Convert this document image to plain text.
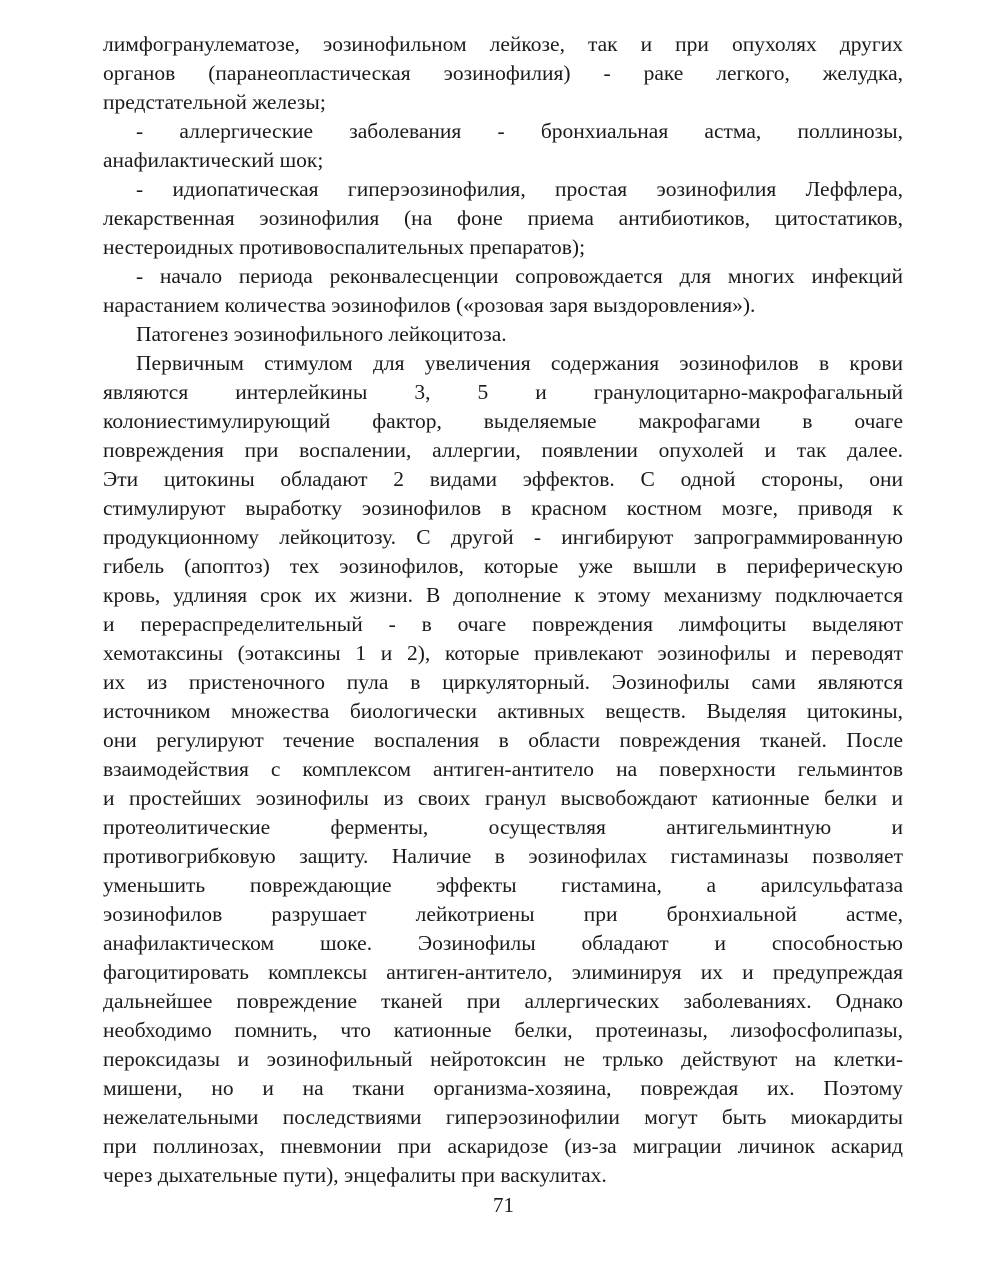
лимфогранулематозе, эозинофильном лейкозе, так и при опухолях других
органов (паранеопластическая эозинофилия) - раке легкого, желудка,
предстательной железы;
- аллергические заболевания - бронхиальная астма, поллинозы,
анафилактический шок;
- идиопатическая гиперэозинофилия, простая эозинофилия Леффлера,
лекарственная эозинофилия (на фоне приема антибиотиков, цитостатиков,
нестероидных противовоспалительных препаратов);
- начало периода реконвалесценции сопровождается для многих инфекций
нарастанием количества эозинофилов («розовая заря выздоровления»).
Патогенез эозинофильного лейкоцитоза.
Первичным стимулом для увеличения содержания эозинофилов в крови
являются интерлейкины 3, 5 и гранулоцитарно-макрофагальный
колониестимулирующий фактор, выделяемые макрофагами в очаге
повреждения при воспалении, аллергии, появлении опухолей и так далее.
Эти цитокины обладают 2 видами эффектов. С одной стороны, они
стимулируют выработку эозинофилов в красном костном мозге, приводя к
продукционному лейкоцитозу. С другой - ингибируют запрограммированную
гибель (апоптоз) тех эозинофилов, которые уже вышли в периферическую
кровь, удлиняя срок их жизни. В дополнение к этому механизму подключается
и перераспределительный - в очаге повреждения лимфоциты выделяют
хемотаксины (эотаксины 1 и 2), которые привлекают эозинофилы и переводят
их из пристеночного пула в циркуляторный. Эозинофилы сами являются
источником множества биологически активных веществ. Выделяя цитокины,
они регулируют течение воспаления в области повреждения тканей. После
взаимодействия с комплексом антиген-антитело на поверхности гельминтов
и простейших эозинофилы из своих гранул высвобождают катионные белки и
протеолитические ферменты, осуществляя антигельминтную и
противогрибковую защиту. Наличие в эозинофилах гистаминазы позволяет
уменьшить повреждающие эффекты гистамина, а арилсульфатаза
эозинофилов разрушает лейкотриены при бронхиальной астме,
анафилактическом шоке. Эозинофилы обладают и способностью
фагоцитировать комплексы антиген-антитело, элиминируя их и предупреждая
дальнейшее повреждение тканей при аллергических заболеваниях. Однако
необходимо помнить, что катионные белки, протеиназы, лизофосфолипазы,
пероксидазы и эозинофильный нейротоксин не трлько действуют на клетки-
мишени, но и на ткани организма-хозяина, повреждая их. Поэтому
нежелательными последствиями гиперэозинофилии могут быть миокардиты
при поллинозах, пневмонии при аскаридозе (из-за миграции личинок аскарид
через дыхательные пути), энцефалиты при васкулитах.
71
